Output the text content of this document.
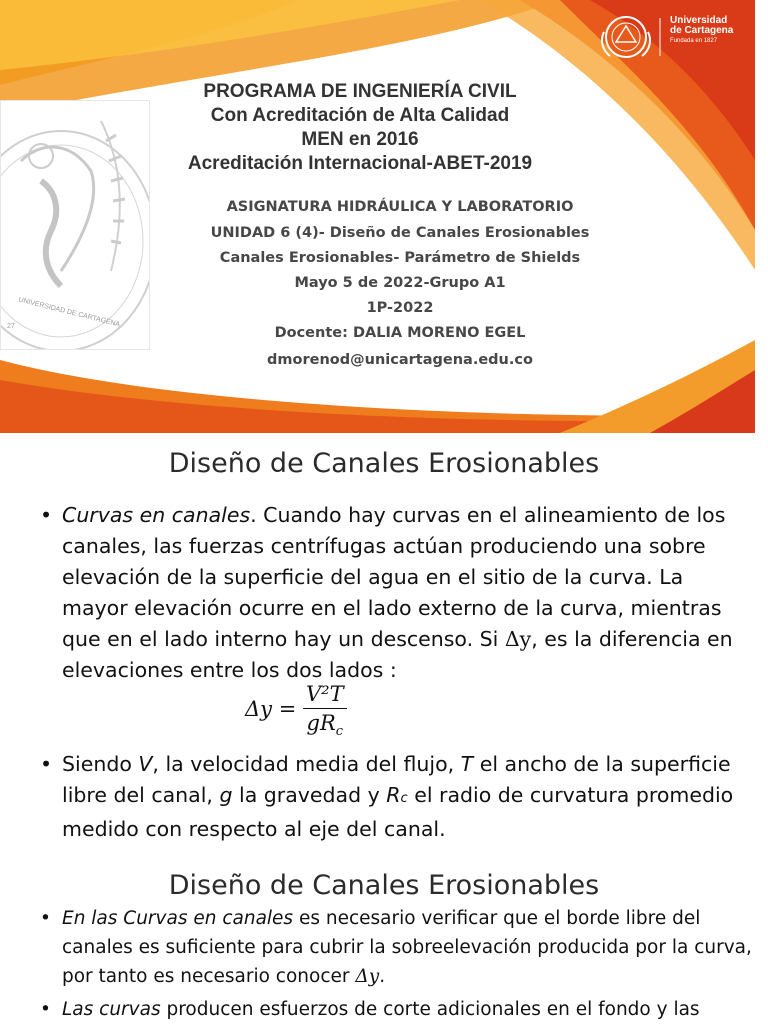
UNIVERSIDAD DE CARTAGENA
27
Universidad
de Cartagena
Fundada en 1827
PROGRAMA DE INGENIERÍA CIVIL
Con Acreditación de Alta Calidad
MEN en 2016
Acreditación Internacional-ABET-2019
ASIGNATURA HIDRÁULICA Y LABORATORIO
UNIDAD 6 (4)- Diseño de Canales Erosionables
Canales Erosionables- Parámetro de Shields
Mayo 5 de 2022-Grupo A1
1P-2022
Docente: DALIA MORENO EGEL
dmorenod@unicartagena.edu.co
Diseño de Canales Erosionables
• Curvas en canales. Cuando hay curvas en el alineamiento de los canales, las fuerzas centrífugas actúan produciendo una sobre elevación de la superficie del agua en el sitio de la curva. La mayor elevación ocurre en el lado externo de la curva, mientras que en el lado interno hay un descenso. Si Δy, es la diferencia en elevaciones entre los dos lados :
$\Delta y = \frac{\text{V²T}}{gR_c}$
• Siendo V, la velocidad media del flujo, T el ancho de la superficie libre del canal, g la gravedad y Rc el radio de curvatura promedio medido con respecto al eje del canal.
Diseño de Canales Erosionables
• En las Curvas en canales es necesario verificar que el borde libre del canales es suficiente para cubrir la sobreelevación producida por la curva, por tanto es necesario conocer Δy.
• Las curvas producen esfuerzos de corte adicionales en el fondo y las
